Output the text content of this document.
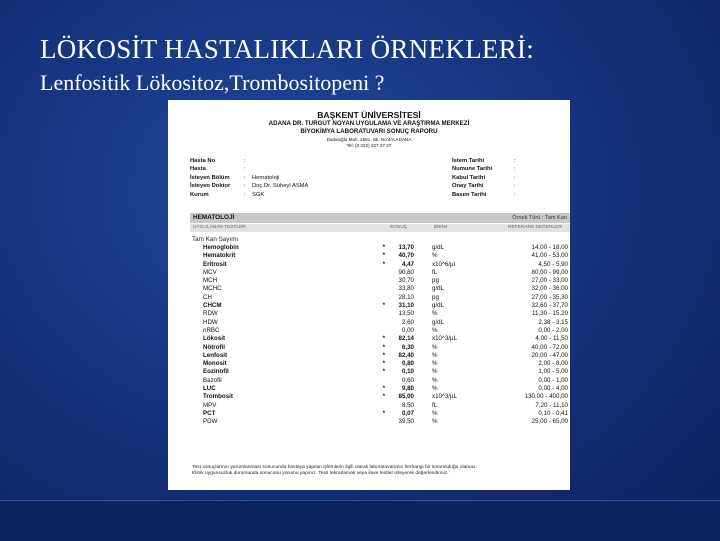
LÖKOSİT HASTALIKLARI ÖRNEKLERİ:
Lenfositik Lökositoz,Trombositopeni ?
BAŞKENT ÜNİVERSİTESİ
ADANA DR. TURGUT NOYAN UYGULAMA VE ARAŞTIRMA MERKEZİ
BİYOKİMYA LABORATUVARI SONUÇ RAPORU
Dadaloğlu Mah. 2591. Sk. No:4/A ADANA
Tel: (0 322) 327 27 27
Hasta No	:
Hasta	:
İsteyen Bölüm : Hematoloji
İsteyen Doktor : Doç.Dr. Süheyl ASMA
Kurum	: SGK
İstem Tarihi	:
Numune Tarihi	:
Kabul Tarihi	:
Onay Tarihi	:
Basım Tarihi	:
HEMATOLOJİ	Örnek Türü : Tam Kan
UYGULANAN TESTLER	SONUÇ	BİRİM	REFERANS DEĞERLER
Tam Kan Sayımı
Hemoglobin	*	13,70	g/dL	14,00 - 18,00
Hematokrit	*	40,70	%	41,00 - 53,00
Eritrosit	*	4,47	x10^6/µl	4,50 - 5,90
MCV	90,80	fL	80,00 - 99,00
MCH	30,70	pg	27,00 - 33,00
MCHC	33,80	g/dL	32,00 - 36,00
CH	28,10	pg	27,00 - 35,30
CHCM	*	31,10	g/dL	32,60 - 37,70
RDW	13,50	%	11,30 - 15,20
HDW	2,60	g/dL	2,38 - 3,15
nRBC	0,00	%	0,00 - 2,00
Lökosit	*	82,14	x10^3/µL	4,00 - 11,50
Nötrofil	*	6,30	%	40,00 - 72,00
Lenfosit	*	82,40	%	20,00 - 47,00
Monosit	*	0,80	%	2,00 - 8,00
Eozinofil	*	0,10	%	1,00 - 5,00
Bazofil	0,60	%	0,00 - 1,00
LUC	*	9,80	%	0,00 - 4,00
Trombosit	*	85,00	x10^3/µL	130,00 - 400,00
MPV	8,50	fL	7,20 - 11,10
PCT	*	0,07	%	0,10 - 0,41
PDW	39,50	%	25,00 - 65,00
Test sonuçlarının yorumlanması sonucunda hastaya yapılan işlemlerin ilgili olarak laboratuvarımız herhangi bir sorumluluğu olamaz.
Klinik uygunsuzluk durumunda sonucunu yorumu yapınız. Testi tekrarlamak veya ilave testler isteyerek değerlendiriniz.
